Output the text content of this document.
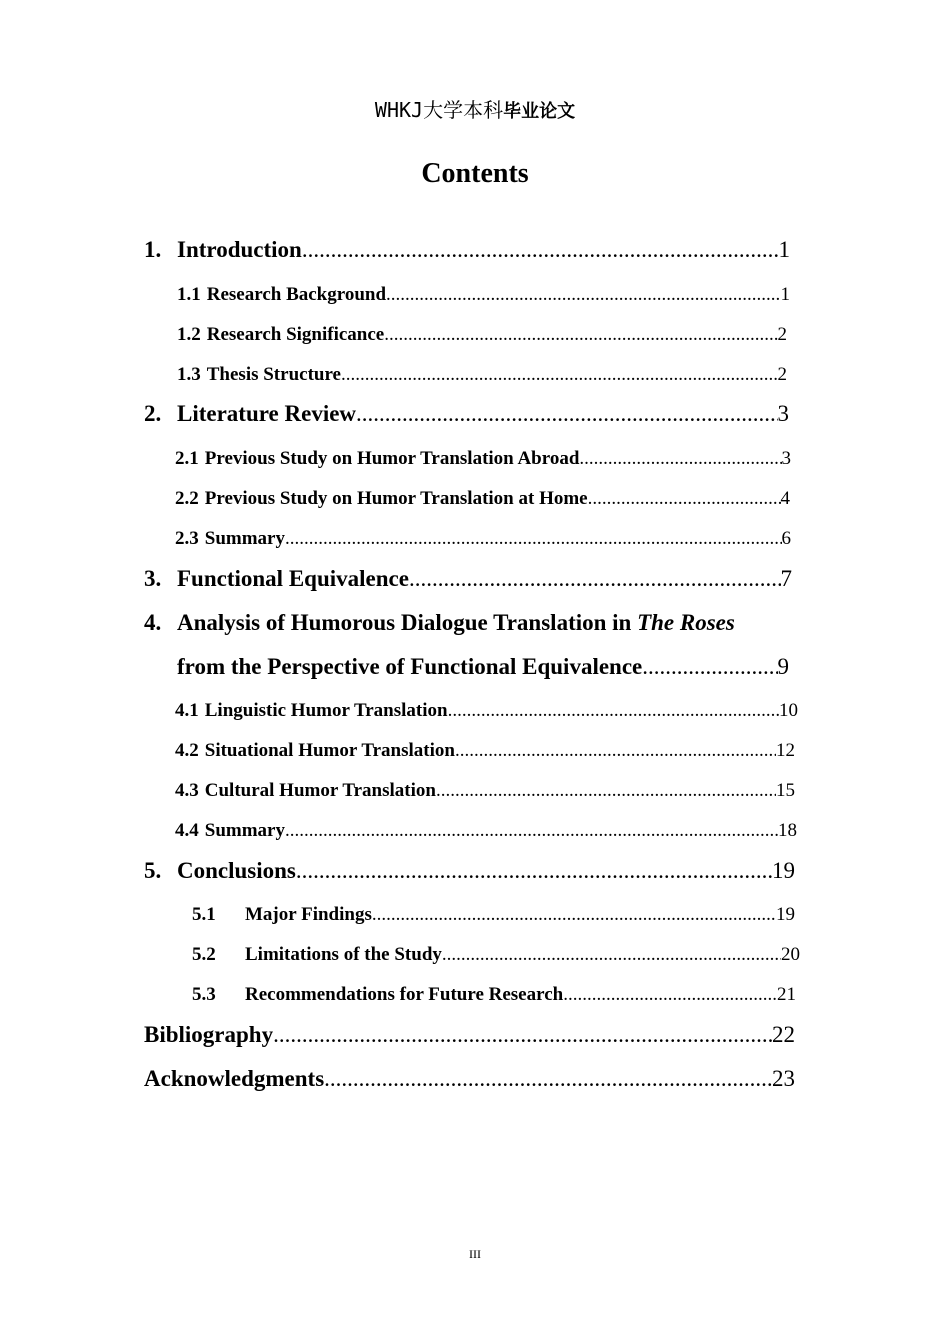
WHKJ大学本科毕业论文
Contents
1. Introduction .....	1
1.1 Research Background .....	1
1.2 Research Significance .....	2
1.3 Thesis Structure .....	2
2. Literature Review .....	3
2.1 Previous Study on Humor Translation Abroad .....	3
2.2 Previous Study on Humor Translation at Home .....	4
2.3 Summary .....	6
3. Functional Equivalence .....	7
4. Analysis of Humorous Dialogue Translation in The Roses
from the Perspective of Functional Equivalence .....	9
4.1 Linguistic Humor Translation .....	10
4.2 Situational Humor Translation .....	12
4.3 Cultural Humor Translation .....	15
4.4 Summary .....	18
5. Conclusions .....	19
5.1	Major Findings .....	19
5.2	Limitations of the Study .....	20
5.3	Recommendations for Future Research .....	21
Bibliography .....	22
Acknowledgments .....	23
III
